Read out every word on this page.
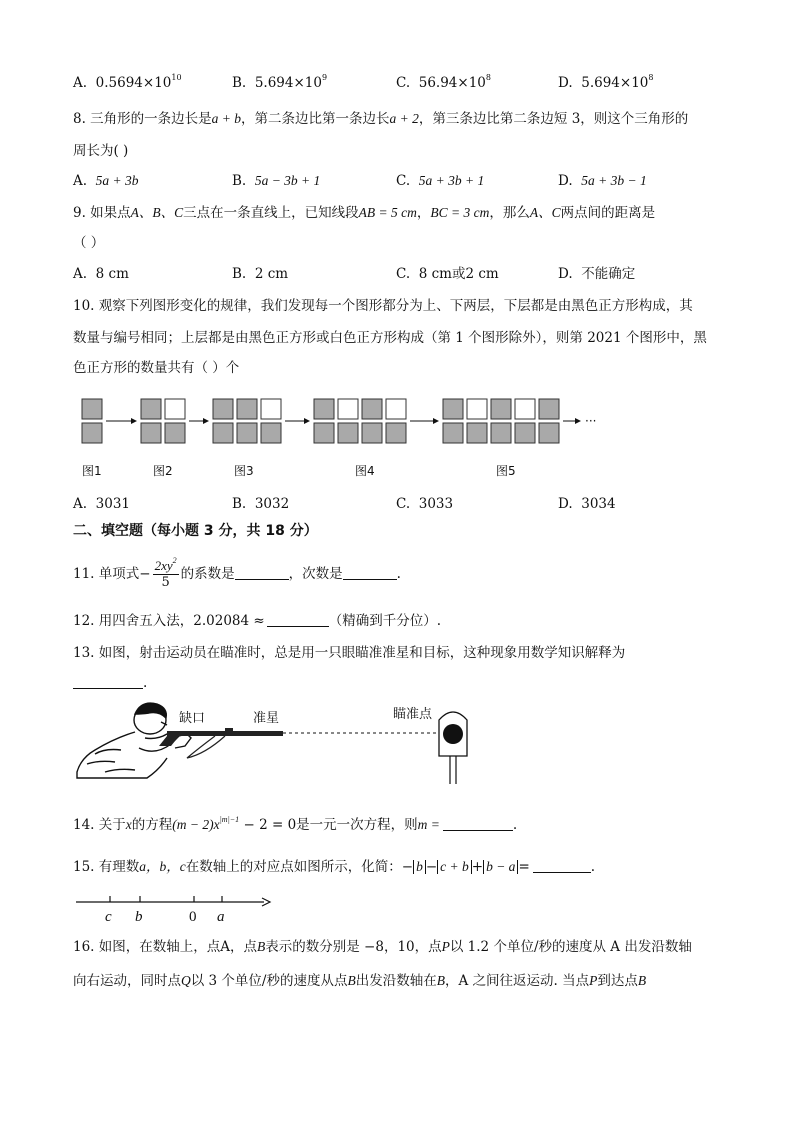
A. $0.5694\times 10^{10}$	B. $5.694\times 10^9$	C. $56.94\times 10^8$	D. $5.694\times 10^8$
8. 三角形的一条边长是a + b，第二条边比第一条边长a + 2，第三条边比第二条边短 3，则这个三角形的
周长为( )
A. 5a + 3b	B. 5a − 3b + 1	C. 5a + 3b + 1	D. 5a + 3b − 1
9. 如果点A、B、C三点在一条直线上，已知线段AB = 5 cm，BC = 3 cm，那么A、C两点间的距离是
（ ）
A. 8 cm	B. 2 cm	C. 8 cm或2 cm	D. 不能确定
10. 观察下列图形变化的规律，我们发现每一个图形都分为上、下两层，下层都是由黑色正方形构成，其
数量与编号相同；上层都是由黑色正方形或白色正方形构成（第 1 个图形除外），则第 2021 个图形中，黑
色正方形的数量共有（ ）个
图1	图2	图3	图4	图5
···
A. 3031	B. 3032	C. 3033	D. 3034
二、填空题（每小题 3 分，共 18 分）
11. 单项式− $\frac{2xy^2}{5}$ 的系数是	，次数是	.
12. 用四舍五入法，2.02084 ≈	（精确到千分位）.
13. 如图，射击运动员在瞄准时，总是用一只眼瞄准准星和目标，这种现象用数学知识解释为
.
缺口	准星	瞄准点
14. 关于x的方程$(m - 2)x^{|m|-1} - 2 = 0$是一元一次方程，则m =	.
15. 有理数a，b，c在数轴上的对应点如图所示，化简：− b − c + b + b − a =	.
c b	0 a
16. 如图，在数轴上，点A，点B表示的数分别是 −8，10，点P以 1.2 个单位/秒的速度从 A 出发沿数轴
向右运动，同时点Q以 3 个单位/秒的速度从点B出发沿数轴在B，A 之间往返运动. 当点P到达点B
